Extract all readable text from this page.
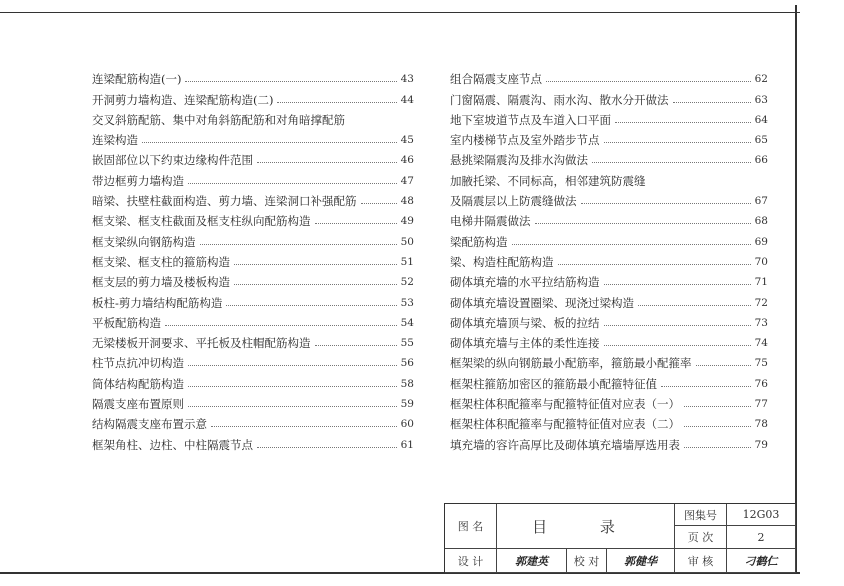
连梁配筋构造(一)	43
开洞剪力墙构造、连梁配筋构造(二)	44
交叉斜筋配筋、集中对角斜筋配筋和对角暗撑配筋
连梁构造	45
嵌固部位以下约束边缘构件范围	46
带边框剪力墙构造	47
暗梁、扶壁柱截面构造、剪力墙、连梁洞口补强配筋	48
框支梁、框支柱截面及框支柱纵向配筋构造	49
框支梁纵向钢筋构造	50
框支梁、框支柱的箍筋构造	51
框支层的剪力墙及楼板构造	52
板柱-剪力墙结构配筋构造	53
平板配筋构造	54
无梁楼板开洞要求、平托板及柱帽配筋构造	55
柱节点抗冲切构造	56
筒体结构配筋构造	58
隔震支座布置原则	59
结构隔震支座布置示意	60
框架角柱、边柱、中柱隔震节点	61
组合隔震支座节点	62
门窗隔震、隔震沟、雨水沟、散水分开做法	63
地下室坡道节点及车道入口平面	64
室内楼梯节点及室外踏步节点	65
悬挑梁隔震沟及排水沟做法	66
加腋托梁、不同标高，相邻建筑防震缝
及隔震层以上防震缝做法	67
电梯井隔震做法	68
梁配筋构造	69
梁、构造柱配筋构造	70
砌体填充墙的水平拉结筋构造	71
砌体填充墙设置圈梁、现浇过梁构造	72
砌体填充墙顶与梁、板的拉结	73
砌体填充墙与主体的柔性连接	74
框架梁的纵向钢筋最小配筋率，箍筋最小配箍率	75
框架柱箍筋加密区的箍筋最小配箍特征值	76
框架柱体积配箍率与配箍特征值对应表（一）	77
框架柱体积配箍率与配箍特征值对应表（二）	78
填充墙的容许高厚比及砌体填充墙墙厚选用表	79
图 名	目 录
图集号	12G03
页 次	2
设 计	郭建英	校 对	郭健华	审 核	刁鹤仁
